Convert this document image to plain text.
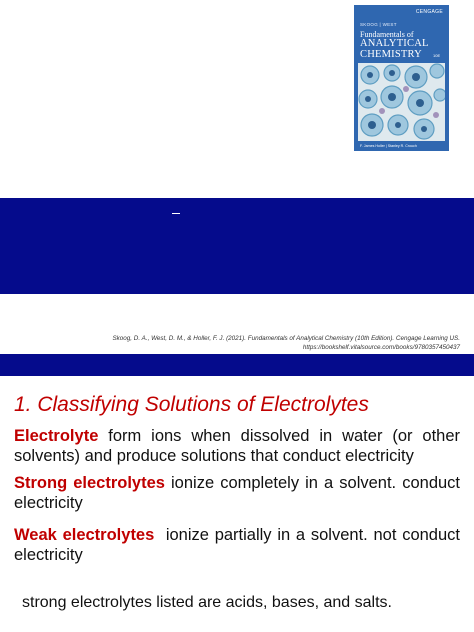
CENGAGE
SKOOG | WEST
Fundamentals of
ANALYTICAL
CHEMISTRY	10E
F. James Holler | Stanley R. Crouch
Skoog, D. A., West, D. M., & Holler, F. J. (2021). Fundamentals of Analytical Chemistry (10th Edition). Cengage Learning US.
https://bookshelf.vitalsource.com/books/9780357450437
1. Classifying Solutions of Electrolytes
Electrolyte form ions when dissolved in water (or other solvents) and produce solutions that conduct electricity
Strong electrolytes ionize completely in a solvent. conduct electricity
Weak electrolytes  ionize partially in a solvent. not conduct electricity
strong electrolytes listed are acids, bases, and salts.
